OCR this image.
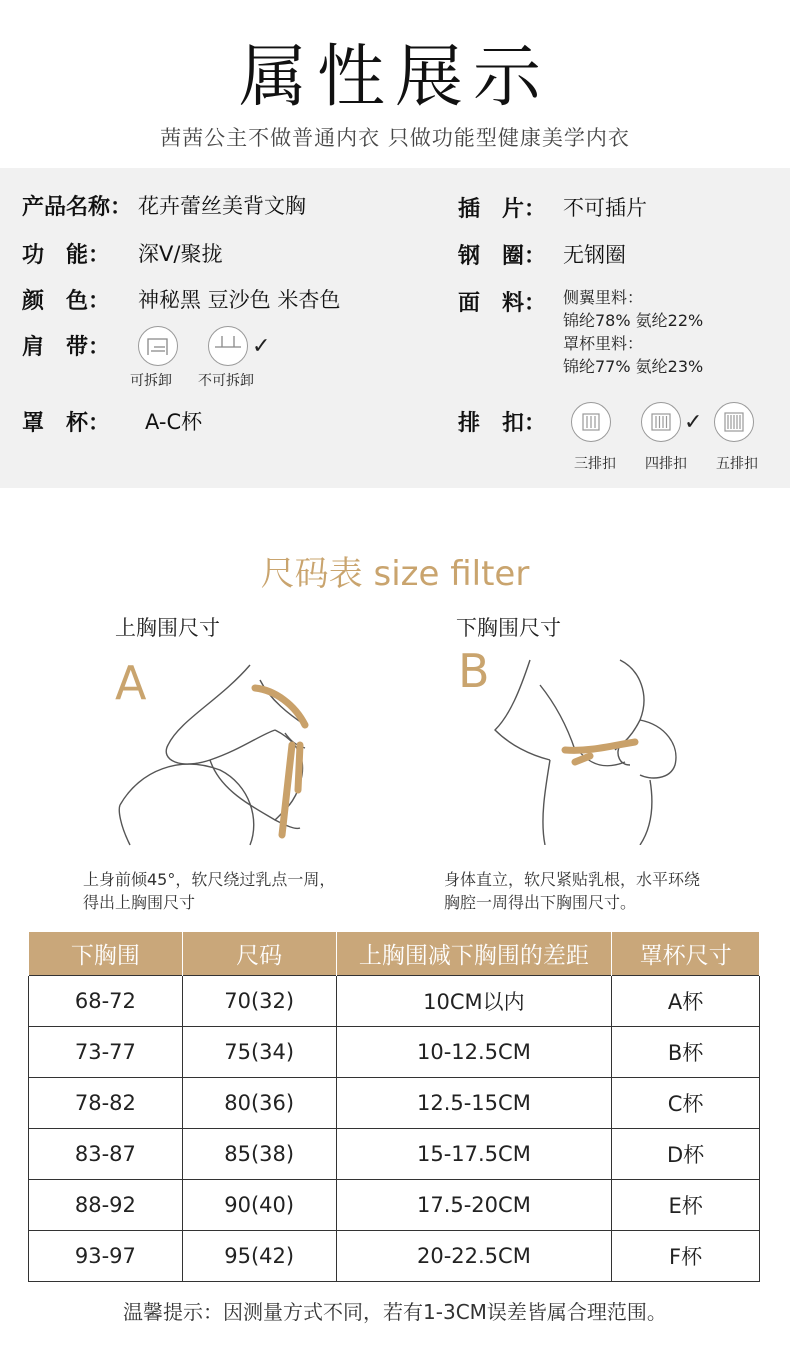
属性展示
茜茜公主不做普通内衣 只做功能型健康美学内衣
产品名称： 花卉蕾丝美背文胸	插　片： 不可插片
功　能： 深V/聚拢	钢　圈： 无钢圈
颜　色： 神秘黑 豆沙色 米杏色	面　料： 侧翼里料：
锦纶78% 氨纶22%
罩杯里料：
锦纶77% 氨纶23%
肩　带：	✓
可拆卸 不可拆卸
罩　杯： A-C杯	排　扣：	✓
三排扣 四排扣 五排扣
尺码表 size filter
上胸围尺寸
A
上身前倾45°，软尺绕过乳点一周，
得出上胸围尺寸
下胸围尺寸
B
身体直立，软尺紧贴乳根，水平环绕
胸腔一周得出下胸围尺寸。
下胸围	尺码	上胸围减下胸围的差距	罩杯尺寸
68-72	70(32)	10CM以内	A杯
73-77	75(34)	10-12.5CM	B杯
78-82	80(36)	12.5-15CM	C杯
83-87	85(38)	15-17.5CM	D杯
88-92	90(40)	17.5-20CM	E杯
93-97	95(42)	20-22.5CM	F杯
温馨提示：因测量方式不同，若有1-3CM误差皆属合理范围。
